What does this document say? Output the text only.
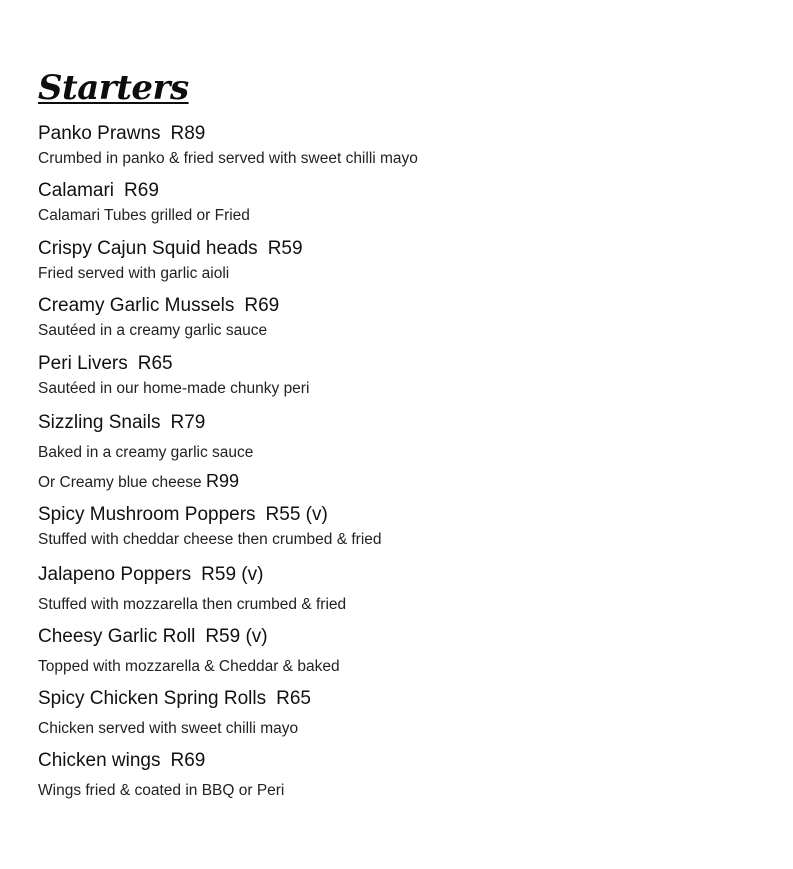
Starters
Panko Prawns R89
Crumbed in panko & fried served with sweet chilli mayo
Calamari R69
Calamari Tubes grilled or Fried
Crispy Cajun Squid heads R59
Fried served with garlic aioli
Creamy Garlic Mussels R69
Sautéed in a creamy garlic sauce
Peri Livers R65
Sautéed in our home-made chunky peri
Sizzling Snails R79
Baked in a creamy garlic sauce
Or Creamy blue cheese R99
Spicy Mushroom Poppers R55 (v)
Stuffed with cheddar cheese then crumbed & fried
Jalapeno Poppers R59 (v)
Stuffed with mozzarella then crumbed & fried
Cheesy Garlic Roll R59 (v)
Topped with mozzarella & Cheddar & baked
Spicy Chicken Spring Rolls R65
Chicken served with sweet chilli mayo
Chicken wings R69
Wings fried & coated in BBQ or Peri
